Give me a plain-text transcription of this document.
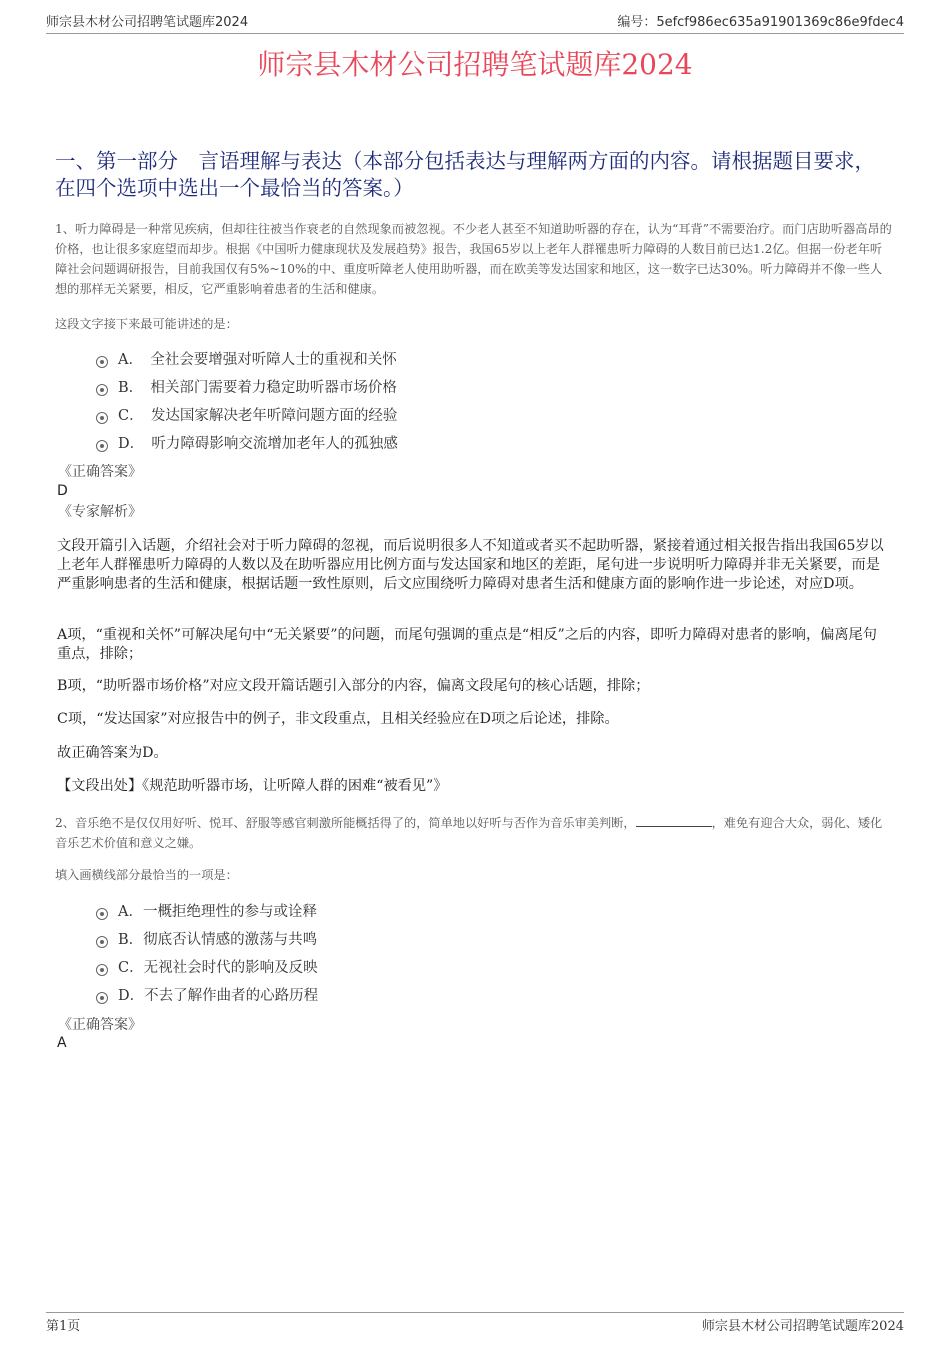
师宗县木材公司招聘笔试题库2024	编号：5efcf986ec635a91901369c86e9fdec4
师宗县木材公司招聘笔试题库2024
一、第一部分　言语理解与表达（本部分包括表达与理解两方面的内容。请根据题目要求，在四个选项中选出一个最恰当的答案。）
1、听力障碍是一种常见疾病，但却往往被当作衰老的自然现象而被忽视。不少老人甚至不知道助听器的存在，认为“耳背”不需要治疗。而门店助听器高昂的价格，也让很多家庭望而却步。根据《中国听力健康现状及发展趋势》报告，我国65岁以上老年人群罹患听力障碍的人数目前已达1.2亿。但据一份老年听障社会问题调研报告，目前我国仅有5%~10%的中、重度听障老人使用助听器，而在欧美等发达国家和地区，这一数字已达30%。听力障碍并不像一些人想的那样无关紧要，相反，它严重影响着患者的生活和健康。
这段文字接下来最可能讲述的是：
A．　全社会要增强对听障人士的重视和关怀
B．　相关部门需要着力稳定助听器市场价格
C．　发达国家解决老年听障问题方面的经验
D．　听力障碍影响交流增加老年人的孤独感
《正确答案》
D
《专家解析》
文段开篇引入话题，介绍社会对于听力障碍的忽视，而后说明很多人不知道或者买不起助听器，紧接着通过相关报告指出我国65岁以上老年人群罹患听力障碍的人数以及在助听器应用比例方面与发达国家和地区的差距，尾句进一步说明听力障碍并非无关紧要，而是严重影响患者的生活和健康，根据话题一致性原则，后文应围绕听力障碍对患者生活和健康方面的影响作进一步论述，对应D项。
A项，“重视和关怀”可解决尾句中“无关紧要”的问题，而尾句强调的重点是“相反”之后的内容，即听力障碍对患者的影响，偏离尾句重点，排除；
B项，“助听器市场价格”对应文段开篇话题引入部分的内容，偏离文段尾句的核心话题，排除；
C项，“发达国家”对应报告中的例子，非文段重点，且相关经验应在D项之后论述，排除。
故正确答案为D。
【文段出处】《规范助听器市场，让听障人群的困难“被看见”》
2、音乐绝不是仅仅用好听、悦耳、舒服等感官刺激所能概括得了的，简单地以好听与否作为音乐审美判断，	，难免有迎合大众，弱化、矮化音乐艺术价值和意义之嫌。
填入画横线部分最恰当的一项是：
A．一概拒绝理性的参与或诠释
B．彻底否认情感的激荡与共鸣
C．无视社会时代的影响及反映
D．不去了解作曲者的心路历程
《正确答案》
A
第1页	师宗县木材公司招聘笔试题库2024
